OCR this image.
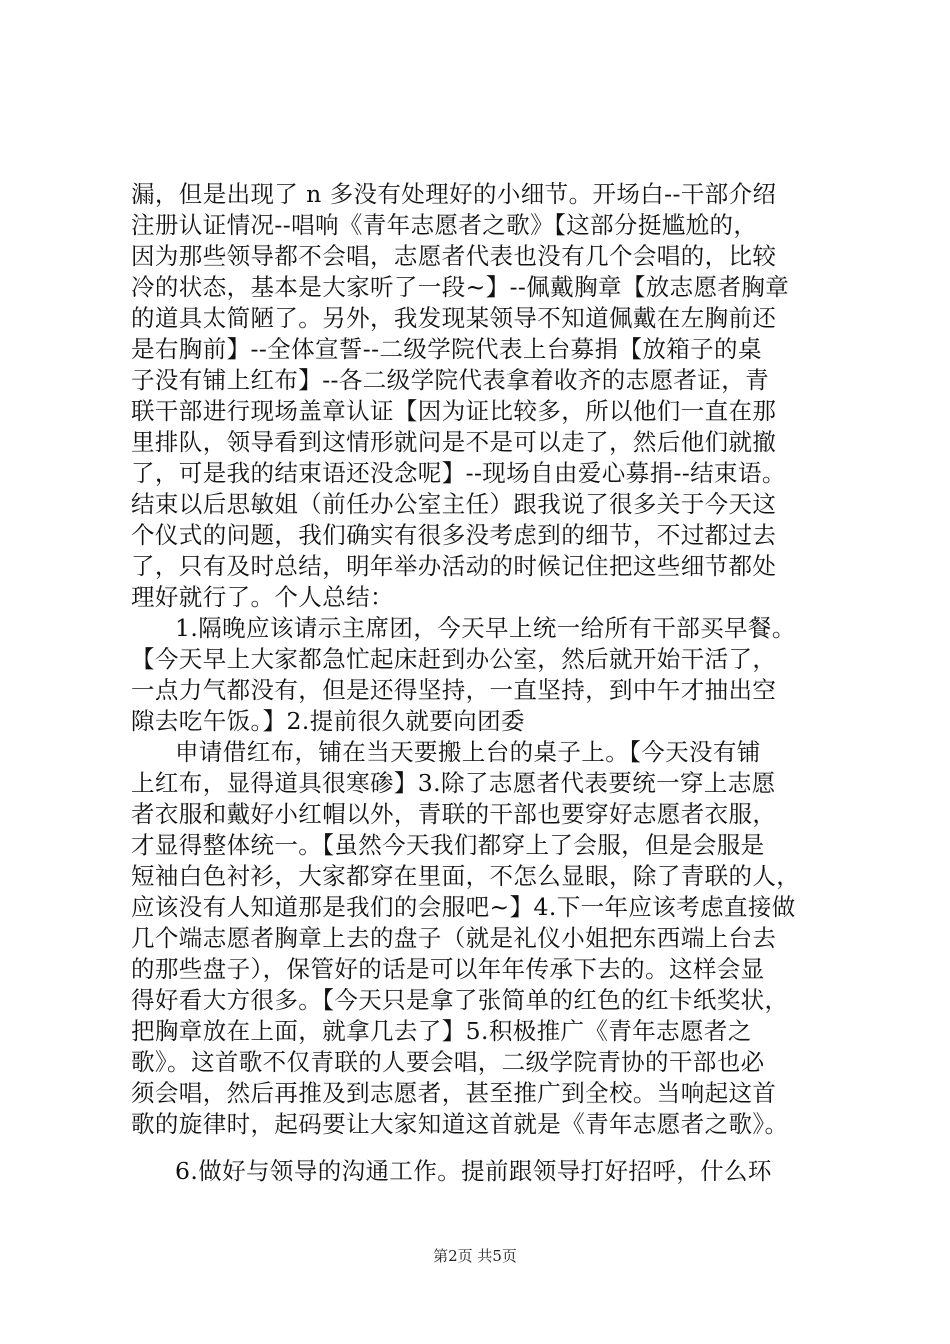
漏，但是出现了 n 多没有处理好的小细节。开场白--干部介绍
注册认证情况--唱响《青年志愿者之歌》【这部分挺尴尬的，
因为那些领导都不会唱，志愿者代表也没有几个会唱的，比较
冷的状态，基本是大家听了一段~】--佩戴胸章【放志愿者胸章
的道具太简陋了。另外，我发现某领导不知道佩戴在左胸前还
是右胸前】--全体宣誓--二级学院代表上台募捐【放箱子的桌
子没有铺上红布】--各二级学院代表拿着收齐的志愿者证，青
联干部进行现场盖章认证【因为证比较多，所以他们一直在那
里排队，领导看到这情形就问是不是可以走了，然后他们就撤
了，可是我的结束语还没念呢】--现场自由爱心募捐--结束语。
结束以后思敏姐（前任办公室主任）跟我说了很多关于今天这
个仪式的问题，我们确实有很多没考虑到的细节，不过都过去
了，只有及时总结，明年举办活动的时候记住把这些细节都处
理好就行了。个人总结：
1.隔晚应该请示主席团，今天早上统一给所有干部买早餐。
【今天早上大家都急忙起床赶到办公室，然后就开始干活了，
一点力气都没有，但是还得坚持，一直坚持，到中午才抽出空
隙去吃午饭。】2.提前很久就要向团委
申请借红布，铺在当天要搬上台的桌子上。【今天没有铺
上红布，显得道具很寒碜】3.除了志愿者代表要统一穿上志愿
者衣服和戴好小红帽以外，青联的干部也要穿好志愿者衣服，
才显得整体统一。【虽然今天我们都穿上了会服，但是会服是
短袖白色衬衫，大家都穿在里面，不怎么显眼，除了青联的人，
应该没有人知道那是我们的会服吧~】4.下一年应该考虑直接做
几个端志愿者胸章上去的盘子（就是礼仪小姐把东西端上台去
的那些盘子），保管好的话是可以年年传承下去的。这样会显
得好看大方很多。【今天只是拿了张简单的红色的红卡纸奖状，
把胸章放在上面，就拿几去了】5.积极推广《青年志愿者之
歌》。这首歌不仅青联的人要会唱，二级学院青协的干部也必
须会唱，然后再推及到志愿者，甚至推广到全校。当响起这首
歌的旋律时，起码要让大家知道这首就是《青年志愿者之歌》。
6.做好与领导的沟通工作。提前跟领导打好招呼，什么环
第2页 共5页
